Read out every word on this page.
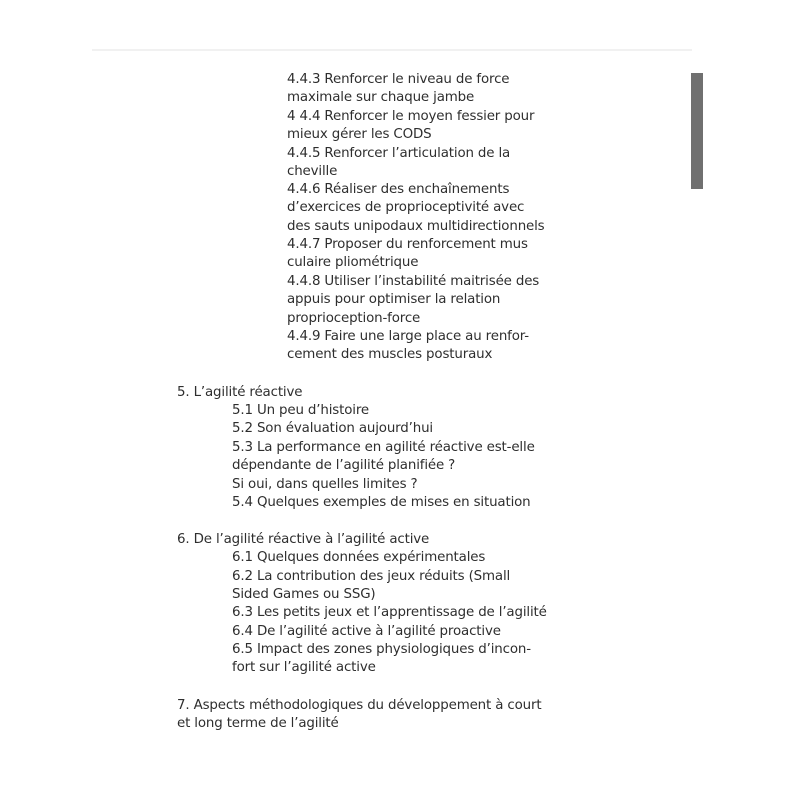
4.4.3 Renforcer le niveau de force
maximale sur chaque jambe
4 4.4 Renforcer le moyen fessier pour
mieux gérer les CODS
4.4.5 Renforcer l’articulation de la
cheville
4.4.6 Réaliser des enchaînements
d’exercices de proprioceptivité avec
des sauts unipodaux multidirectionnels
4.4.7 Proposer du renforcement mus
culaire pliométrique
4.4.8 Utiliser l’instabilité maitrisée des
appuis pour optimiser la relation
proprioception-force
4.4.9 Faire une large place au renfor-
cement des muscles posturaux
5. L’agilité réactive
5.1 Un peu d’histoire
5.2 Son évaluation aujourd’hui
5.3 La performance en agilité réactive est-elle
dépendante de l’agilité planifiée ?
Si oui, dans quelles limites ?
5.4 Quelques exemples de mises en situation
6. De l’agilité réactive à l’agilité active
6.1 Quelques données expérimentales
6.2 La contribution des jeux réduits (Small
Sided Games ou SSG)
6.3 Les petits jeux et l’apprentissage de l’agilité
6.4 De l’agilité active à l’agilité proactive
6.5 Impact des zones physiologiques d’incon-
fort sur l’agilité active
7. Aspects méthodologiques du développement à court
et long terme de l’agilité
